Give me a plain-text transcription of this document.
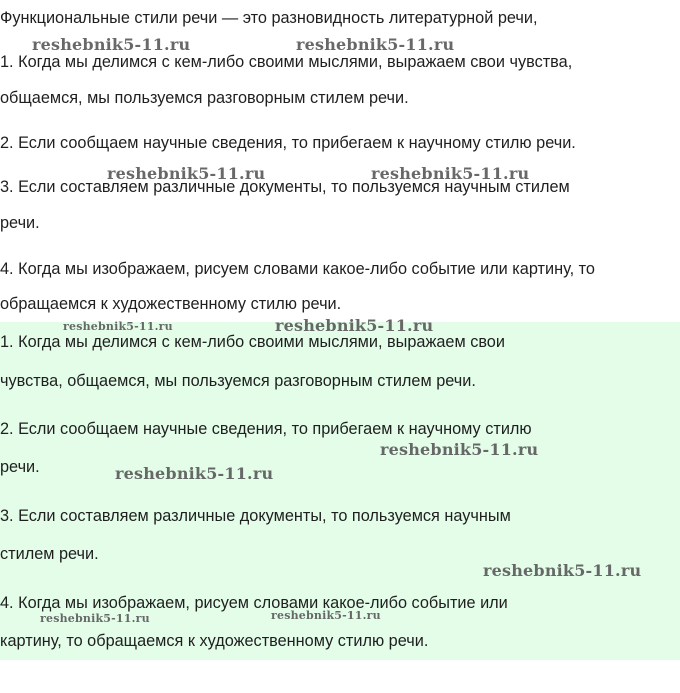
Функциональные стили речи — это разновидность литературной речи,
1. Когда мы делимся с кем-либо своими мыслями, выражаем свои чувства,
общаемся, мы пользуемся разговорным стилем речи.
2. Если сообщаем научные сведения, то прибегаем к научному стилю речи.
3. Если составляем различные документы, то пользуемся научным стилем
речи.
4. Когда мы изображаем, рисуем словами какое-либо событие или картину, то
обращаемся к художественному стилю речи.
1. Когда мы делимся с кем-либо своими мыслями, выражаем свои
чувства, общаемся, мы пользуемся разговорным стилем речи.
2. Если сообщаем научные сведения, то прибегаем к научному стилю
речи.
3. Если составляем различные документы, то пользуемся научным
стилем речи.
4. Когда мы изображаем, рисуем словами какое-либо событие или
картину, то обращаемся к художественному стилю речи.
reshebnik5-11.ru	reshebnik5-11.ru
reshebnik5-11.ru	reshebnik5-11.ru
reshebnik5-11.ru	reshebnik5-11.ru
reshebnik5-11.ru
reshebnik5-11.ru
reshebnik5-11.ru
reshebnik5-11.ru	reshebnik5-11.ru
